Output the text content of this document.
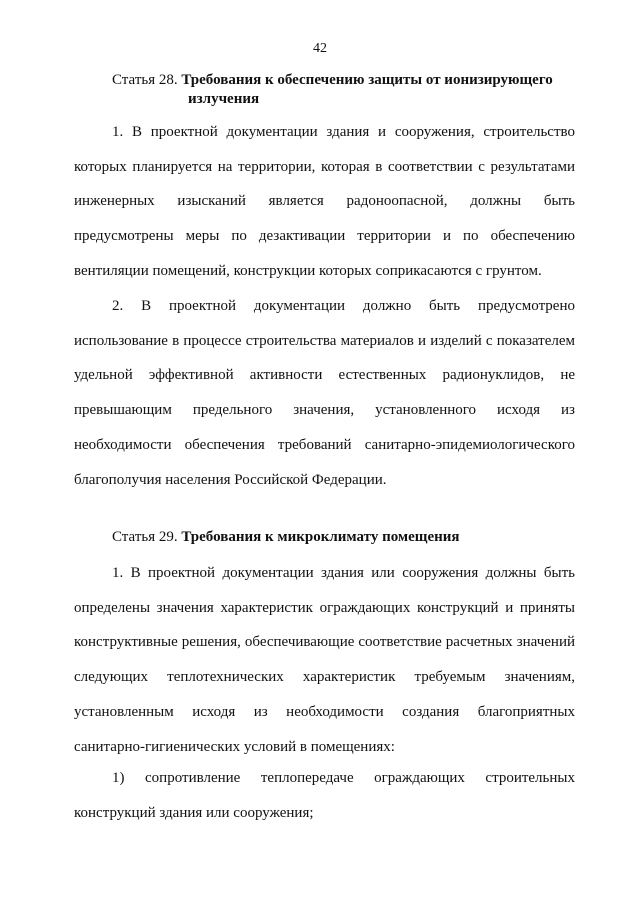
42
Статья 28. Требования к обеспечению защиты от ионизирующего
излучения

1. В проектной документации здания и сооружения, строительство которых планируется на территории, которая в соответствии с результатами инженерных изысканий является радоноопасной, должны быть предусмотрены меры по дезактивации территории и по обеспечению вентиляции помещений, конструкции которых соприкасаются с грунтом.

2. В проектной документации должно быть предусмотрено использование в процессе строительства материалов и изделий с показателем удельной эффективной активности естественных радионуклидов, не превышающим предельного значения, установленного исходя из необходимости обеспечения требований санитарно-эпидемиологического благополучия населения Российской Федерации.

Статья 29. Требования к микроклимату помещения

1. В проектной документации здания или сооружения должны быть определены значения характеристик ограждающих конструкций и приняты конструктивные решения, обеспечивающие соответствие расчетных значений следующих теплотехнических характеристик требуемым значениям, установленным исходя из необходимости создания благоприятных санитарно-гигиенических условий в помещениях:

1) сопротивление теплопередаче ограждающих строительных конструкций здания или сооружения;
